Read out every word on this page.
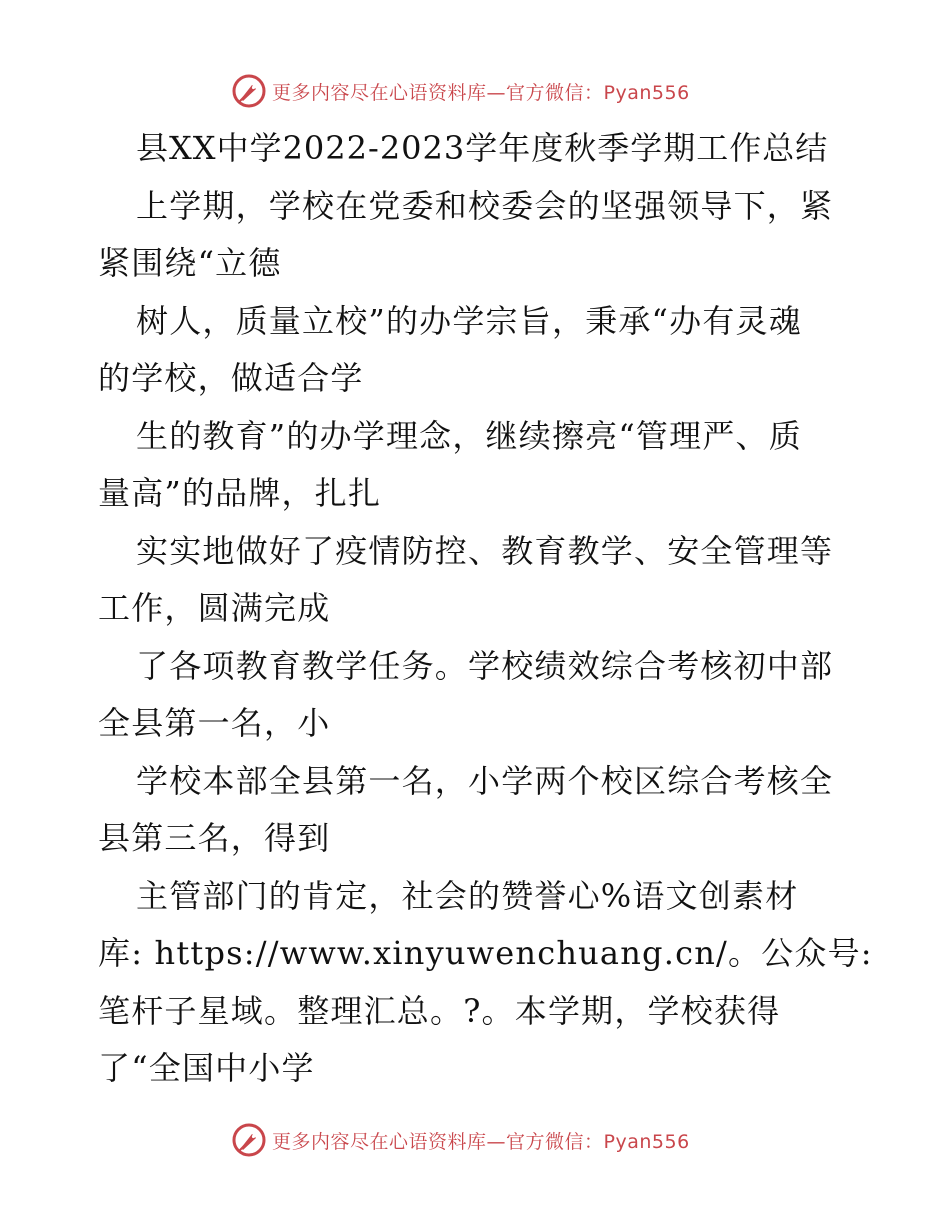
更多内容尽在心语资料库—官方微信：Pyan556
县XX中学2022-2023学年度秋季学期工作总结
上学期，学校在党委和校委会的坚强领导下，紧
紧围绕“立德
树人，质量立校”的办学宗旨，秉承“办有灵魂
的学校，做适合学
生的教育”的办学理念，继续擦亮“管理严、质
量高”的品牌，扎扎
实实地做好了疫情防控、教育教学、安全管理等
工作，圆满完成
了各项教育教学任务。学校绩效综合考核初中部
全县第一名，小
学校本部全县第一名，小学两个校区综合考核全
县第三名，得到
主管部门的肯定，社会的赞誉心%语文创素材
库: https://www.xinyuwenchuang.cn/。公众号:
笔杆子星域。整理汇总。?。本学期，学校获得
了“全国中小学
更多内容尽在心语资料库—官方微信：Pyan556
